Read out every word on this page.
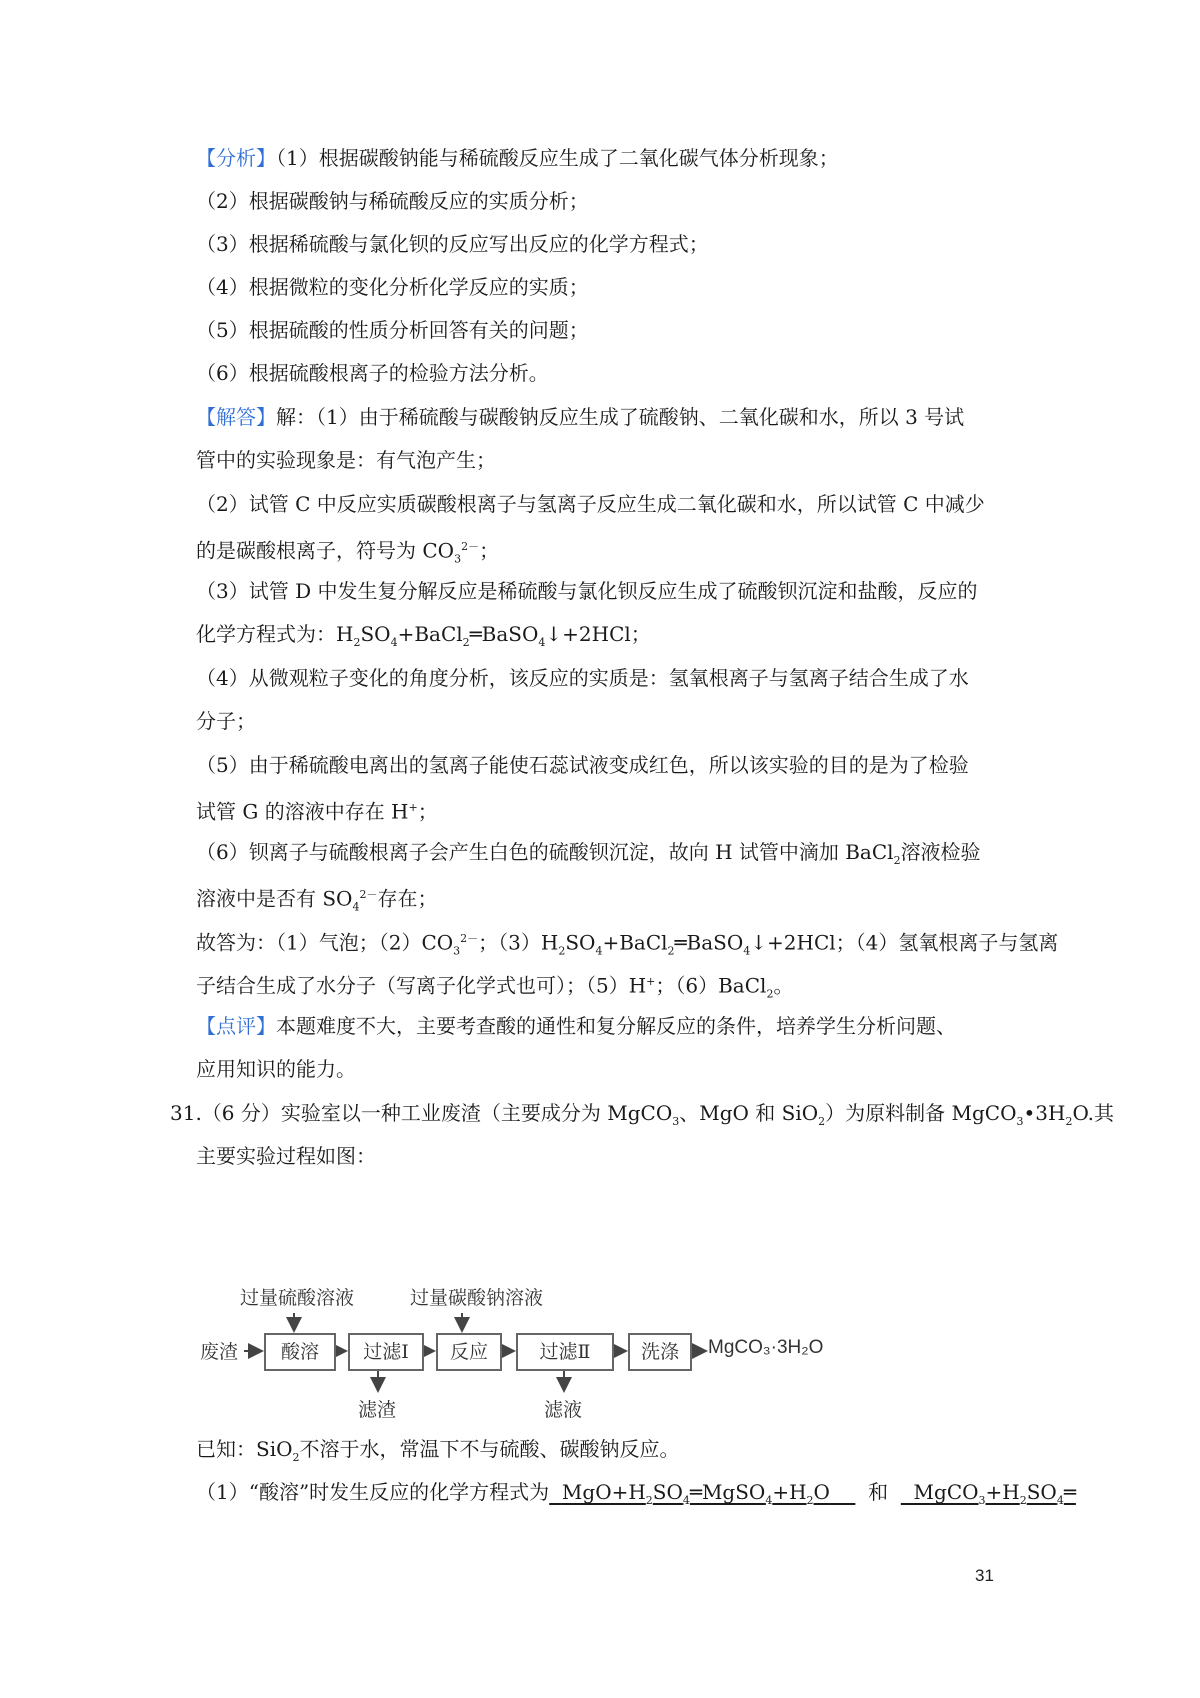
【分析】（1）根据碳酸钠能与稀硫酸反应生成了二氧化碳气体分析现象；
（2）根据碳酸钠与稀硫酸反应的实质分析；
（3）根据稀硫酸与氯化钡的反应写出反应的化学方程式；
（4）根据微粒的变化分析化学反应的实质；
（5）根据硫酸的性质分析回答有关的问题；
（6）根据硫酸根离子的检验方法分析。
【解答】解：（1）由于稀硫酸与碳酸钠反应生成了硫酸钠、二氧化碳和水，所以 3 号试
管中的实验现象是：有气泡产生；
（2）试管 C 中反应实质碳酸根离子与氢离子反应生成二氧化碳和水，所以试管 C 中减少
的是碳酸根离子，符号为 $CO_3^{2-}$；
（3）试管 D 中发生复分解反应是稀硫酸与氯化钡反应生成了硫酸钡沉淀和盐酸，反应的
化学方程式为：$H_2SO_4+BaCl_2═BaSO_4↓+2HCl$；
（4）从微观粒子变化的角度分析，该反应的实质是：氢氧根离子与氢离子结合生成了水
分子；
（5）由于稀硫酸电离出的氢离子能使石蕊试液变成红色，所以该实验的目的是为了检验
试管 G 的溶液中存在 H+；
（6）钡离子与硫酸根离子会产生白色的硫酸钡沉淀，故向 H 试管中滴加 BaCl$_2$溶液检验
溶液中是否有 $SO_4^{2-}$存在；
故答为：（1）气泡；$(2)CO_3^{2-}$；$(3)H_2SO_4+BaCl_2═BaSO_4↓+2HCl$；（4）氢氧根离子与氢离
子结合生成了水分子（写离子化学式也可）；（5）H+；（6）BaCl$_2$。
【点评】本题难度不大，主要考查酸的通性和复分解反应的条件，培养学生分析问题、
应用知识的能力。
31.（6 分）实验室以一种工业废渣（主要成分为 MgCO$_3$、MgO 和 SiO$_2$）为原料制备 $MgCO_3•3H_2O$.其
主要实验过程如图：
过量硫酸溶液	过量碳酸钠溶液
废渣	酸溶	过滤Ⅰ	反应	过滤Ⅱ	洗涤	MgCO₃·3H₂O
滤渣	滤液
已知：SiO$_2$不溶于水，常温下不与硫酸、碳酸钠反应。
（1）“酸溶”时发生反应的化学方程式为 $MgO+H_2SO_4═MgSO_4+H_2O$ 和 $MgCO_3+H_2SO_4═$
31
